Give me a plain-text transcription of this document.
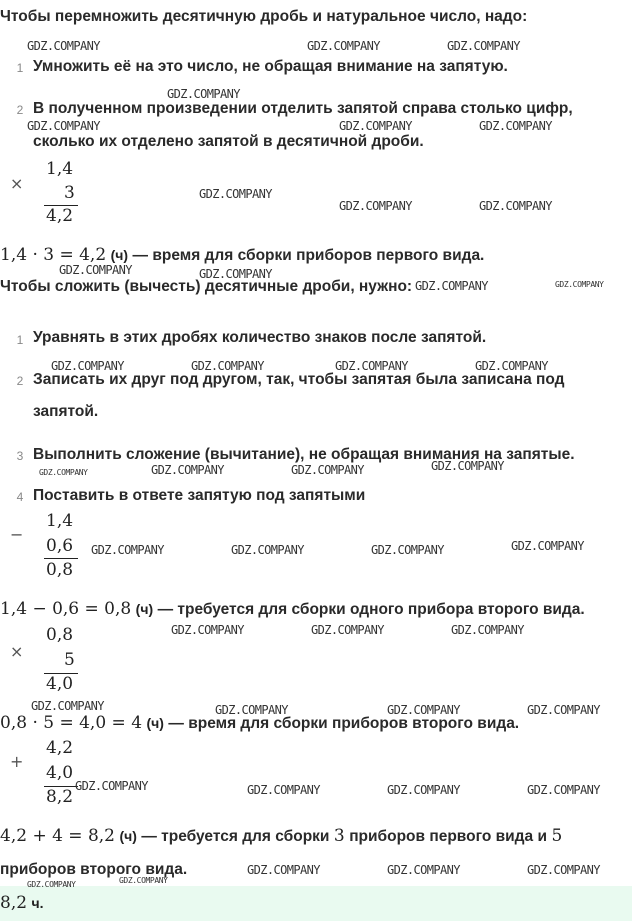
Чтобы перемножить десятичную дробь и натуральное число, надо:
1 Умножить её на это число, не обращая внимание на запятую.
2 В полученном произведении отделить запятой справа столько цифр,
сколько их отделено запятой в десятичной дроби.
×
1,4
3
4,2
1,4 · 3 = 4,2 (ч) — время для сборки приборов первого вида.
Чтобы сложить (вычесть) десятичные дроби, нужно:
1 Уравнять в этих дробях количество знаков после запятой.
2 Записать их друг под другом, так, чтобы запятая была записана под
запятой.
3 Выполнить сложение (вычитание), не обращая внимания на запятые.
4 Поставить в ответе запятую под запятыми
−
1,4
0,6
0,8
1,4 − 0,6 = 0,8 (ч) — требуется для сборки одного прибора второго вида.
×
0,8
5
4,0
0,8 · 5 = 4,0 = 4 (ч) — время для сборки приборов второго вида.
+
4,2
4,0
8,2
4,2 + 4 = 8,2 (ч) — требуется для сборки 3 приборов первого вида и 5
приборов второго вида.
8,2 ч.
GDZ.COMPANY	GDZ.COMPANY	GDZ.COMPANY
GDZ.COMPANY
GDZ.COMPANY	GDZ.COMPANY	GDZ.COMPANY
GDZ.COMPANY
GDZ.COMPANY	GDZ.COMPANY
GDZ.COMPANY	GDZ.COMPANY
GDZ.COMPANY	GDZ.COMPANY
GDZ.COMPANY	GDZ.COMPANY	GDZ.COMPANY	GDZ.COMPANY
GDZ.COMPANY	GDZ.COMPANY	GDZ.COMPANY	GDZ.COMPANY
GDZ.COMPANY	GDZ.COMPANY	GDZ.COMPANY	GDZ.COMPANY
GDZ.COMPANY	GDZ.COMPANY	GDZ.COMPANY
GDZ.COMPANY	GDZ.COMPANY	GDZ.COMPANY	GDZ.COMPANY
GDZ.COMPANY	GDZ.COMPANY	GDZ.COMPANY	GDZ.COMPANY
GDZ.COMPANY	GDZ.COMPANY	GDZ.COMPANY
GDZ.COMPANY
GDZ.COMPANY
